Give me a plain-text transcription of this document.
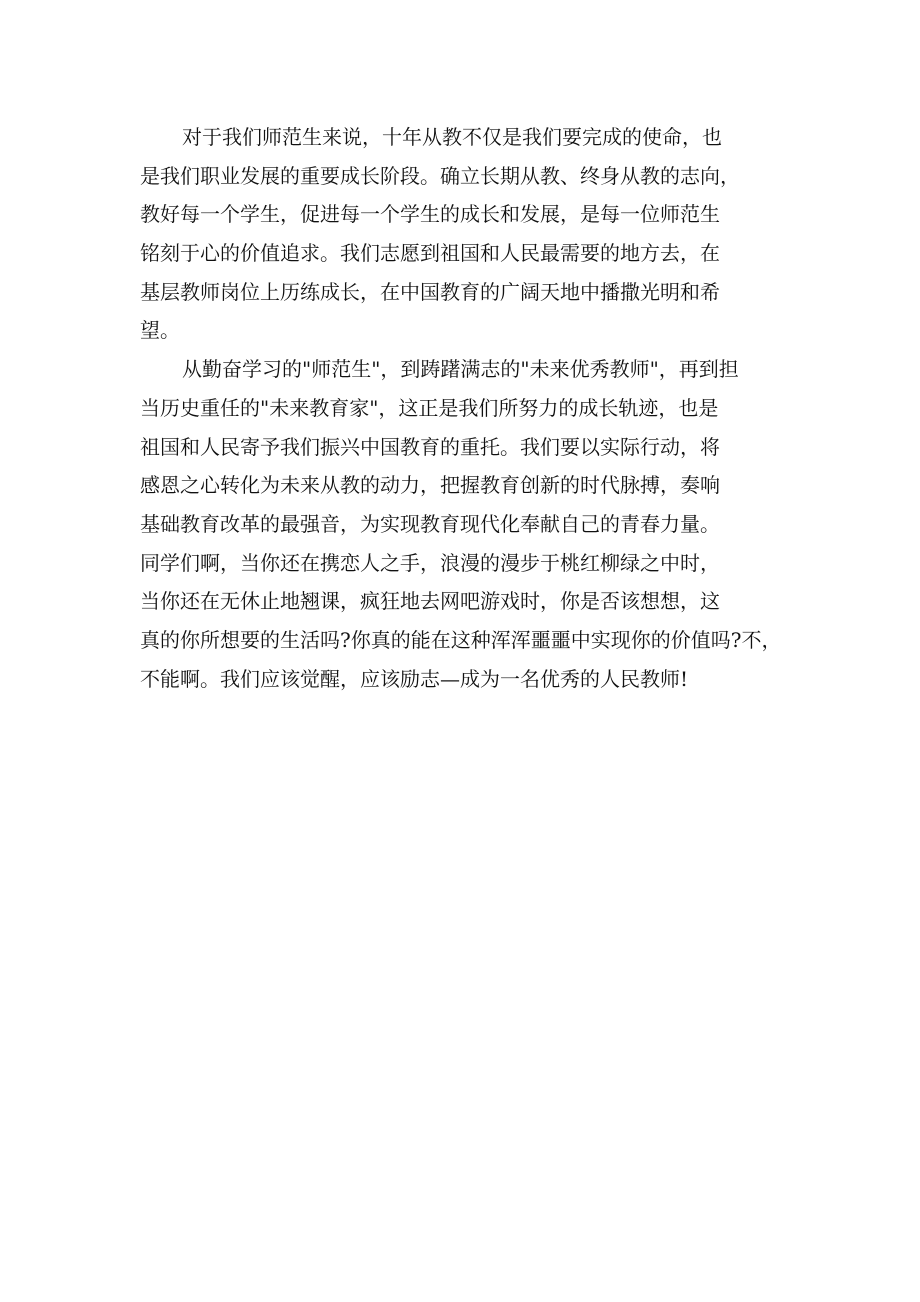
对于我们师范生来说，十年从教不仅是我们要完成的使命，也
是我们职业发展的重要成长阶段。确立长期从教、终身从教的志向，
教好每一个学生，促进每一个学生的成长和发展，是每一位师范生
铭刻于心的价值追求。我们志愿到祖国和人民最需要的地方去，在
基层教师岗位上历练成长，在中国教育的广阔天地中播撒光明和希
望。
从勤奋学习的"师范生"，到踌躇满志的"未来优秀教师"，再到担
当历史重任的"未来教育家"，这正是我们所努力的成长轨迹，也是
祖国和人民寄予我们振兴中国教育的重托。我们要以实际行动，将
感恩之心转化为未来从教的动力，把握教育创新的时代脉搏，奏响
基础教育改革的最强音，为实现教育现代化奉献自己的青春力量。
同学们啊，当你还在携恋人之手，浪漫的漫步于桃红柳绿之中时，
当你还在无休止地翘课，疯狂地去网吧游戏时，你是否该想想，这
真的你所想要的生活吗?你真的能在这种浑浑噩噩中实现你的价值吗?不，
不能啊。我们应该觉醒，应该励志—成为一名优秀的人民教师!
